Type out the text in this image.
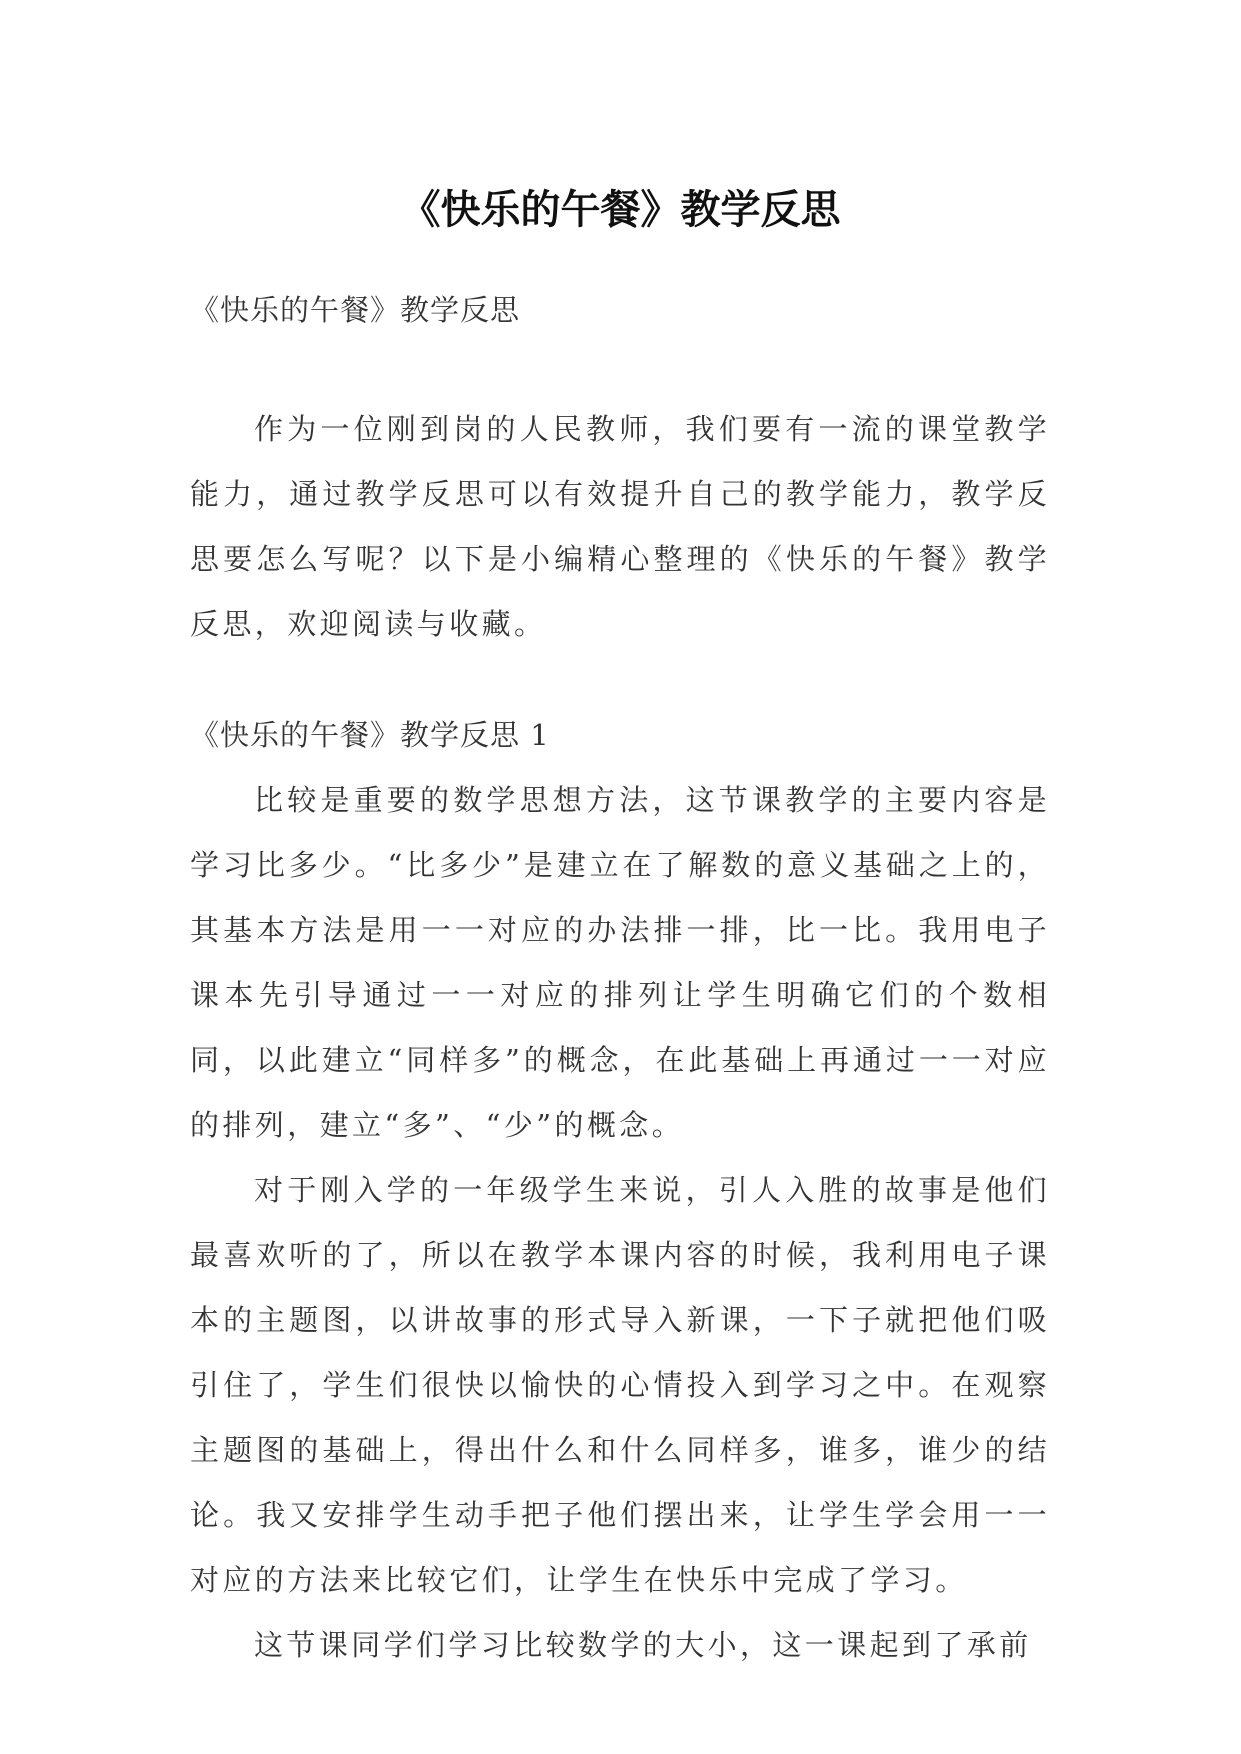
《快乐的午餐》教学反思
《快乐的午餐》教学反思

作为一位刚到岗的人民教师，我们要有一流的课堂教学能力，通过教学反思可以有效提升自己的教学能力，教学反思要怎么写呢？以下是小编精心整理的《快乐的午餐》教学反思，欢迎阅读与收藏。

《快乐的午餐》教学反思 1

比较是重要的数学思想方法，这节课教学的主要内容是学习比多少。“比多少”是建立在了解数的意义基础之上的，其基本方法是用一一对应的办法排一排，比一比。我用电子课本先引导通过一一对应的排列让学生明确它们的个数相同，以此建立“同样多”的概念，在此基础上再通过一一对应的排列，建立“多”、“少”的概念。

对于刚入学的一年级学生来说，引人入胜的故事是他们最喜欢听的了，所以在教学本课内容的时候，我利用电子课本的主题图，以讲故事的形式导入新课，一下子就把他们吸引住了，学生们很快以愉快的心情投入到学习之中。在观察主题图的基础上，得出什么和什么同样多，谁多，谁少的结论。我又安排学生动手把子他们摆出来，让学生学会用一一对应的方法来比较它们，让学生在快乐中完成了学习。

这节课同学们学习比较数学的大小，这一课起到了承前
